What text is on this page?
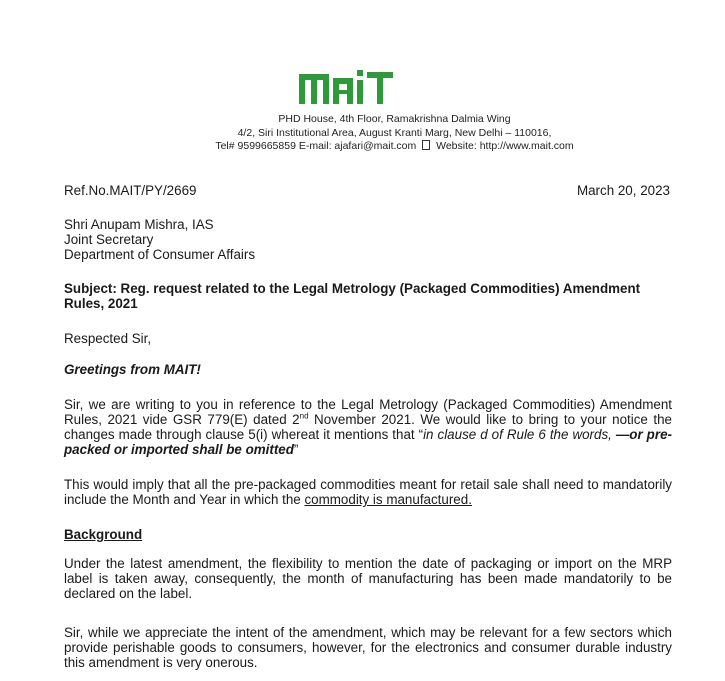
PHD House, 4th Floor, Ramakrishna Dalmia Wing
4/2, Siri Institutional Area, August Kranti Marg, New Delhi – 110016,
Tel# 9599665859 E-mail: ajafari@mait.com Website: http://www.mait.com
Ref.No.MAIT/PY/2669	March 20, 2023
Shri Anupam Mishra, IAS
Joint Secretary
Department of Consumer Affairs
Subject: Reg. request related to the Legal Metrology (Packaged Commodities) Amendment Rules, 2021
Respected Sir,
Greetings from MAIT!
Sir, we are writing to you in reference to the Legal Metrology (Packaged Commodities) Amendment Rules, 2021 vide GSR 779(E) dated 2nd November 2021. We would like to bring to your notice the changes made through clause 5(i) whereat it mentions that “in clause d of Rule 6 the words, —or pre-packed or imported shall be omitted”
This would imply that all the pre-packaged commodities meant for retail sale shall need to mandatorily include the Month and Year in which the commodity is manufactured.
Background
Under the latest amendment, the flexibility to mention the date of packaging or import on the MRP label is taken away, consequently, the month of manufacturing has been made mandatorily to be declared on the label.
Sir, while we appreciate the intent of the amendment, which may be relevant for a few sectors which provide perishable goods to consumers, however, for the electronics and consumer durable industry this amendment is very onerous.
